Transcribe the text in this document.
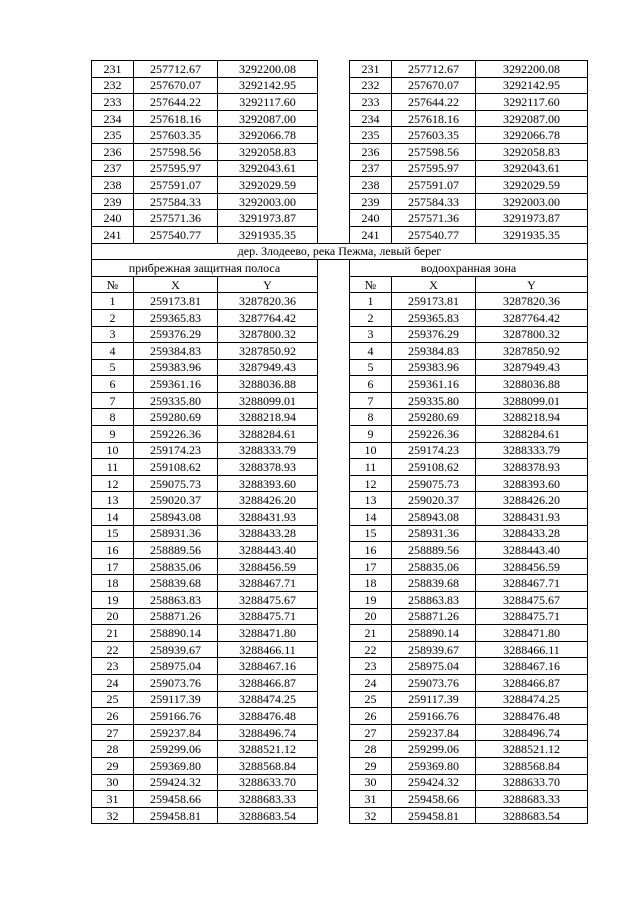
231	257712.67	3292200.08		231	257712.67	3292200.08
232	257670.07	3292142.95		232	257670.07	3292142.95
233	257644.22	3292117.60		233	257644.22	3292117.60
234	257618.16	3292087.00		234	257618.16	3292087.00
235	257603.35	3292066.78		235	257603.35	3292066.78
236	257598.56	3292058.83		236	257598.56	3292058.83
237	257595.97	3292043.61		237	257595.97	3292043.61
238	257591.07	3292029.59		238	257591.07	3292029.59
239	257584.33	3292003.00		239	257584.33	3292003.00
240	257571.36	3291973.87		240	257571.36	3291973.87
241	257540.77	3291935.35		241	257540.77	3291935.35
дер. Злодеево, река Пежма, левый берег						
прибрежная защитная полоса				водоохранная зона		
№	X	Y		№	X	Y
1	259173.81	3287820.36		1	259173.81	3287820.36
2	259365.83	3287764.42		2	259365.83	3287764.42
3	259376.29	3287800.32		3	259376.29	3287800.32
4	259384.83	3287850.92		4	259384.83	3287850.92
5	259383.96	3287949.43		5	259383.96	3287949.43
6	259361.16	3288036.88		6	259361.16	3288036.88
7	259335.80	3288099.01		7	259335.80	3288099.01
8	259280.69	3288218.94		8	259280.69	3288218.94
9	259226.36	3288284.61		9	259226.36	3288284.61
10	259174.23	3288333.79		10	259174.23	3288333.79
11	259108.62	3288378.93		11	259108.62	3288378.93
12	259075.73	3288393.60		12	259075.73	3288393.60
13	259020.37	3288426.20		13	259020.37	3288426.20
14	258943.08	3288431.93		14	258943.08	3288431.93
15	258931.36	3288433.28		15	258931.36	3288433.28
16	258889.56	3288443.40		16	258889.56	3288443.40
17	258835.06	3288456.59		17	258835.06	3288456.59
18	258839.68	3288467.71		18	258839.68	3288467.71
19	258863.83	3288475.67		19	258863.83	3288475.67
20	258871.26	3288475.71		20	258871.26	3288475.71
21	258890.14	3288471.80		21	258890.14	3288471.80
22	258939.67	3288466.11		22	258939.67	3288466.11
23	258975.04	3288467.16		23	258975.04	3288467.16
24	259073.76	3288466.87		24	259073.76	3288466.87
25	259117.39	3288474.25		25	259117.39	3288474.25
26	259166.76	3288476.48		26	259166.76	3288476.48
27	259237.84	3288496.74		27	259237.84	3288496.74
28	259299.06	3288521.12		28	259299.06	3288521.12
29	259369.80	3288568.84		29	259369.80	3288568.84
30	259424.32	3288633.70		30	259424.32	3288633.70
31	259458.66	3288683.33		31	259458.66	3288683.33
32	259458.81	3288683.54		32	259458.81	3288683.54
